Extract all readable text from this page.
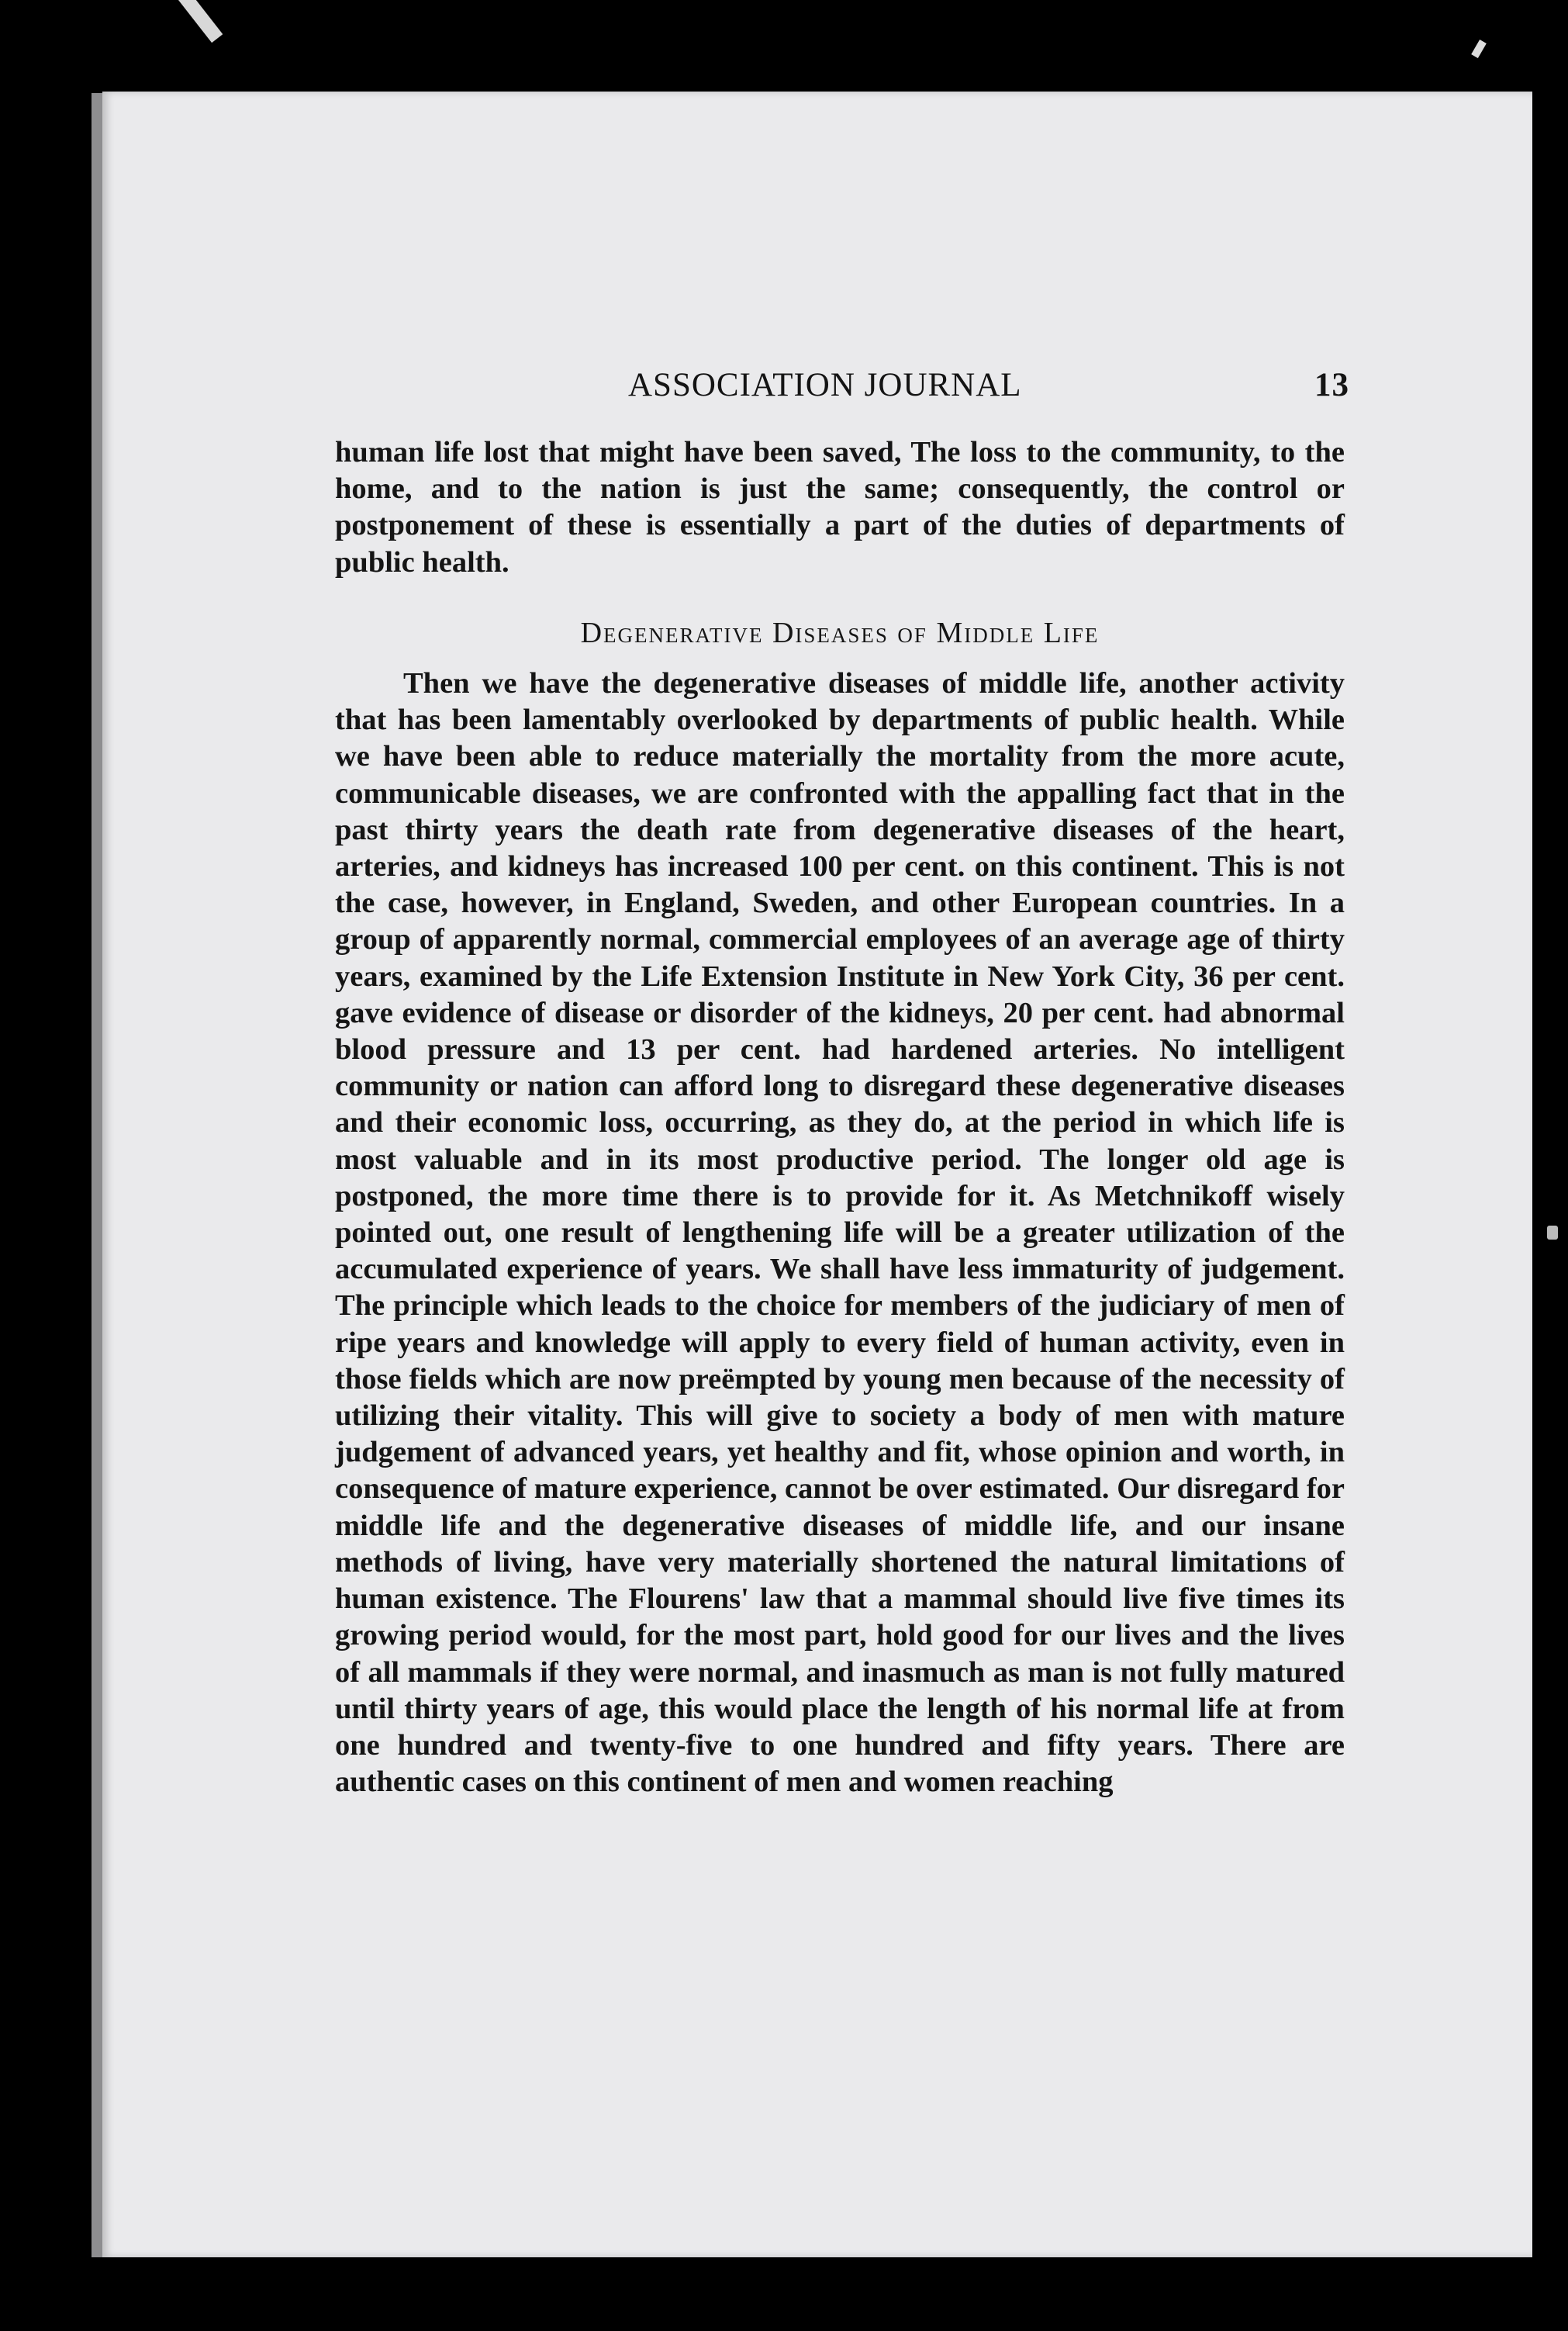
ASSOCIATION JOURNAL	13

human life lost that might have been saved, The loss to the community, to the home, and to the nation is just the same; consequently, the control or postponement of these is essentially a part of the duties of departments of public health.

Degenerative Diseases of Middle Life

Then we have the degenerative diseases of middle life, another activity that has been lamentably overlooked by departments of public health. While we have been able to reduce materially the mortality from the more acute, communicable diseases, we are confronted with the appalling fact that in the past thirty years the death rate from degenerative diseases of the heart, arteries, and kidneys has increased 100 per cent. on this continent. This is not the case, however, in England, Sweden, and other European countries. In a group of apparently normal, commercial employees of an average age of thirty years, examined by the Life Extension Institute in New York City, 36 per cent. gave evidence of disease or disorder of the kidneys, 20 per cent. had abnormal blood pressure and 13 per cent. had hardened arteries. No intelligent community or nation can afford long to disregard these degenerative diseases and their economic loss, occurring, as they do, at the period in which life is most valuable and in its most productive period. The longer old age is postponed, the more time there is to provide for it. As Metchnikoff wisely pointed out, one result of lengthening life will be a greater utilization of the accumulated experience of years. We shall have less immaturity of judgement. The principle which leads to the choice for members of the judiciary of men of ripe years and knowledge will apply to every field of human activity, even in those fields which are now preëmpted by young men because of the necessity of utilizing their vitality. This will give to society a body of men with mature judgement of advanced years, yet healthy and fit, whose opinion and worth, in consequence of mature experience, cannot be over estimated. Our disregard for middle life and the degenerative diseases of middle life, and our insane methods of living, have very materially shortened the natural limitations of human existence. The Flourens' law that a mammal should live five times its growing period would, for the most part, hold good for our lives and the lives of all mammals if they were normal, and inasmuch as man is not fully matured until thirty years of age, this would place the length of his normal life at from one hundred and twenty-five to one hundred and fifty years. There are authentic cases on this continent of men and women reaching
